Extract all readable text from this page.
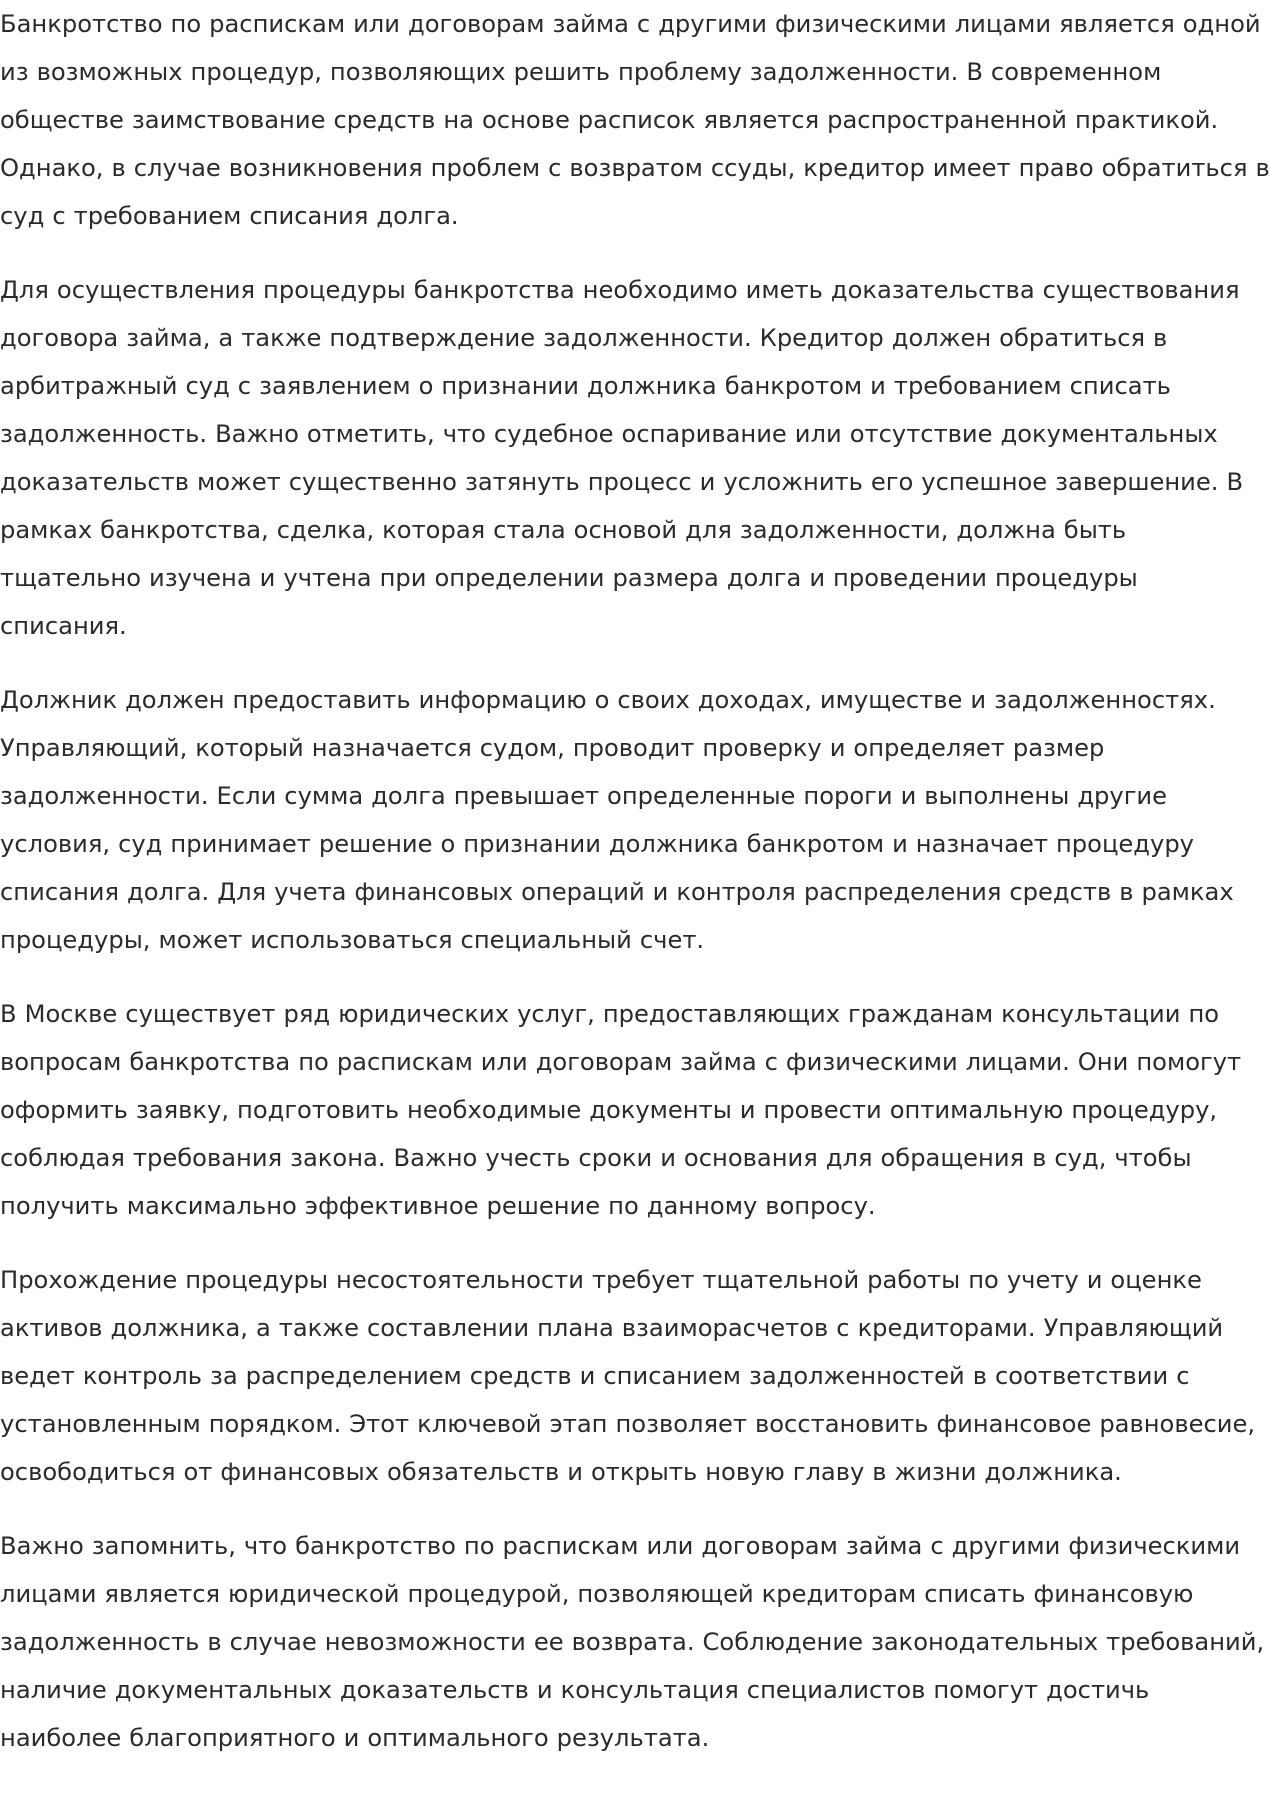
Банкротство по распискам или договорам займа с другими физическими лицами является одной из возможных процедур, позволяющих решить проблему задолженности. В современном обществе заимствование средств на основе расписок является распространенной практикой. Однако, в случае возникновения проблем с возвратом ссуды, кредитор имеет право обратиться в суд с требованием списания долга.

Для осуществления процедуры банкротства необходимо иметь доказательства существования договора займа, а также подтверждение задолженности. Кредитор должен обратиться в арбитражный суд с заявлением о признании должника банкротом и требованием списать задолженность. Важно отметить, что судебное оспаривание или отсутствие документальных доказательств может существенно затянуть процесс и усложнить его успешное завершение. В рамках банкротства, сделка, которая стала основой для задолженности, должна быть тщательно изучена и учтена при определении размера долга и проведении процедуры списания.

Должник должен предоставить информацию о своих доходах, имуществе и задолженностях. Управляющий, который назначается судом, проводит проверку и определяет размер задолженности. Если сумма долга превышает определенные пороги и выполнены другие условия, суд принимает решение о признании должника банкротом и назначает процедуру списания долга. Для учета финансовых операций и контроля распределения средств в рамках процедуры, может использоваться специальный счет.

В Москве существует ряд юридических услуг, предоставляющих гражданам консультации по вопросам банкротства по распискам или договорам займа с физическими лицами. Они помогут оформить заявку, подготовить необходимые документы и провести оптимальную процедуру, соблюдая требования закона. Важно учесть сроки и основания для обращения в суд, чтобы получить максимально эффективное решение по данному вопросу.

Прохождение процедуры несостоятельности требует тщательной работы по учету и оценке активов должника, а также составлении плана взаиморасчетов с кредиторами. Управляющий ведет контроль за распределением средств и списанием задолженностей в соответствии с установленным порядком. Этот ключевой этап позволяет восстановить финансовое равновесие, освободиться от финансовых обязательств и открыть новую главу в жизни должника.

Важно запомнить, что банкротство по распискам или договорам займа с другими физическими лицами является юридической процедурой, позволяющей кредиторам списать финансовую задолженность в случае невозможности ее возврата. Соблюдение законодательных требований, наличие документальных доказательств и консультация специалистов помогут достичь наиболее благоприятного и оптимального результата.
